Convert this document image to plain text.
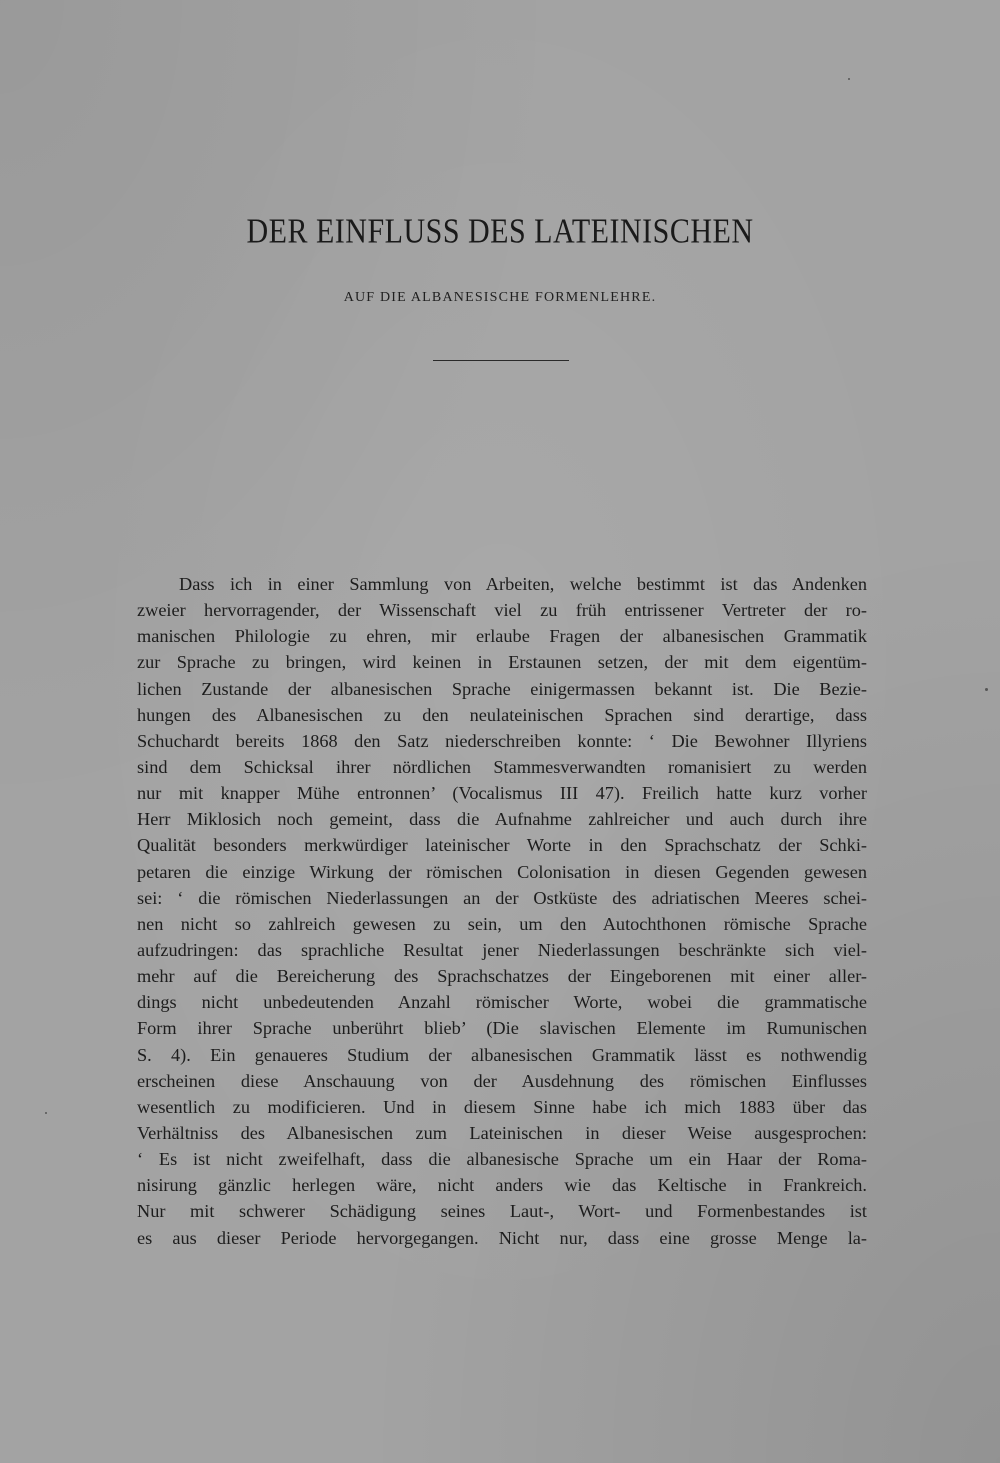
DER EINFLUSS DES LATEINISCHEN
AUF DIE ALBANESISCHE FORMENLEHRE.
Dass ich in einer Sammlung von Arbeiten, welche bestimmt ist das Andenken
zweier hervorragender, der Wissenschaft viel zu früh entrissener Vertreter der ro-
manischen Philologie zu ehren, mir erlaube Fragen der albanesischen Grammatik
zur Sprache zu bringen, wird keinen in Erstaunen setzen, der mit dem eigentüm-
lichen Zustande der albanesischen Sprache einigermassen bekannt ist. Die Bezie-
hungen des Albanesischen zu den neulateinischen Sprachen sind derartige, dass
Schuchardt bereits 1868 den Satz niederschreiben konnte: ‘ Die Bewohner Illyriens
sind dem Schicksal ihrer nördlichen Stammesverwandten romanisiert zu werden
nur mit knapper Mühe entronnen’ (Vocalismus III 47). Freilich hatte kurz vorher
Herr Miklosich noch gemeint, dass die Aufnahme zahlreicher und auch durch ihre
Qualität besonders merkwürdiger lateinischer Worte in den Sprachschatz der Schki-
petaren die einzige Wirkung der römischen Colonisation in diesen Gegenden gewesen
sei: ‘ die römischen Niederlassungen an der Ostküste des adriatischen Meeres schei-
nen nicht so zahlreich gewesen zu sein, um den Autochthonen römische Sprache
aufzudringen: das sprachliche Resultat jener Niederlassungen beschränkte sich viel-
mehr auf die Bereicherung des Sprachschatzes der Eingeborenen mit einer aller-
dings nicht unbedeutenden Anzahl römischer Worte, wobei die grammatische
Form ihrer Sprache unberührt blieb’ (Die slavischen Elemente im Rumunischen
S. 4). Ein genaueres Studium der albanesischen Grammatik lässt es nothwendig
erscheinen diese Anschauung von der Ausdehnung des römischen Einflusses
wesentlich zu modificieren. Und in diesem Sinne habe ich mich 1883 über das
Verhältniss des Albanesischen zum Lateinischen in dieser Weise ausgesprochen:
‘ Es ist nicht zweifelhaft, dass die albanesische Sprache um ein Haar der Roma-
nisirung gänzlic herlegen wäre, nicht anders wie das Keltische in Frankreich.
Nur mit schwerer Schädigung seines Laut-, Wort- und Formenbestandes ist
es aus dieser Periode hervorgegangen. Nicht nur, dass eine grosse Menge la-
